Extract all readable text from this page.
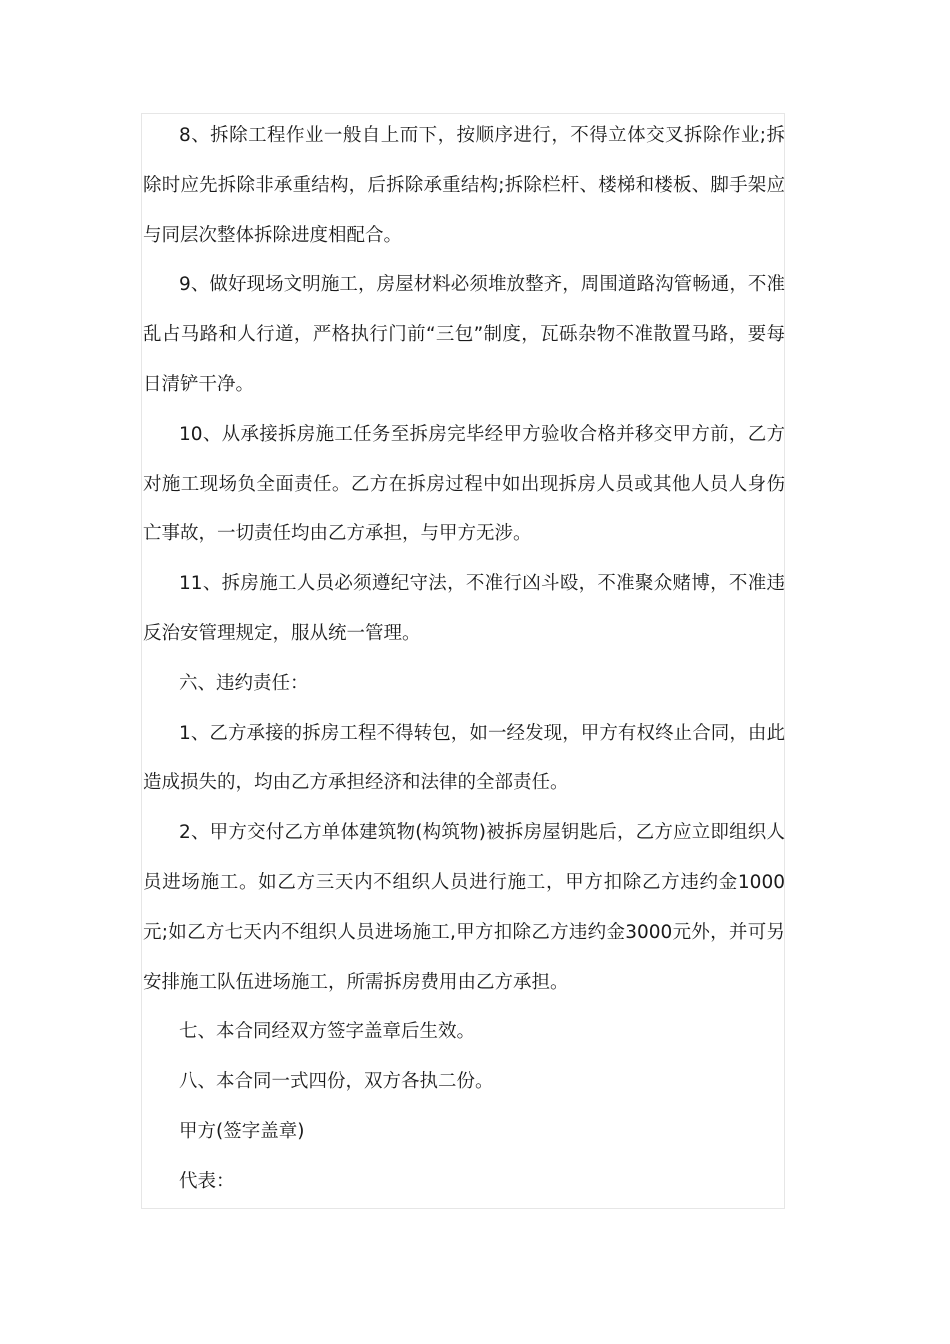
8、拆除工程作业一般自上而下，按顺序进行，不得立体交叉拆除作业;拆除时应先拆除非承重结构，后拆除承重结构;拆除栏杆、楼梯和楼板、脚手架应与同层次整体拆除进度相配合。

9、做好现场文明施工，房屋材料必须堆放整齐，周围道路沟管畅通，不准乱占马路和人行道，严格执行门前“三包”制度，瓦砾杂物不准散置马路，要每日清铲干净。

10、从承接拆房施工任务至拆房完毕经甲方验收合格并移交甲方前，乙方对施工现场负全面责任。乙方在拆房过程中如出现拆房人员或其他人员人身伤亡事故，一切责任均由乙方承担，与甲方无涉。

11、拆房施工人员必须遵纪守法，不准行凶斗殴，不准聚众赌博，不准违反治安管理规定，服从统一管理。

六、违约责任：

1、乙方承接的拆房工程不得转包，如一经发现，甲方有权终止合同，由此造成损失的，均由乙方承担经济和法律的全部责任。

2、甲方交付乙方单体建筑物(构筑物)被拆房屋钥匙后，乙方应立即组织人员进场施工。如乙方三天内不组织人员进行施工，甲方扣除乙方违约金1000元;如乙方七天内不组织人员进场施工,甲方扣除乙方违约金3000元外，并可另安排施工队伍进场施工，所需拆房费用由乙方承担。

七、本合同经双方签字盖章后生效。

八、本合同一式四份，双方各执二份。

甲方(签字盖章)

代表：
